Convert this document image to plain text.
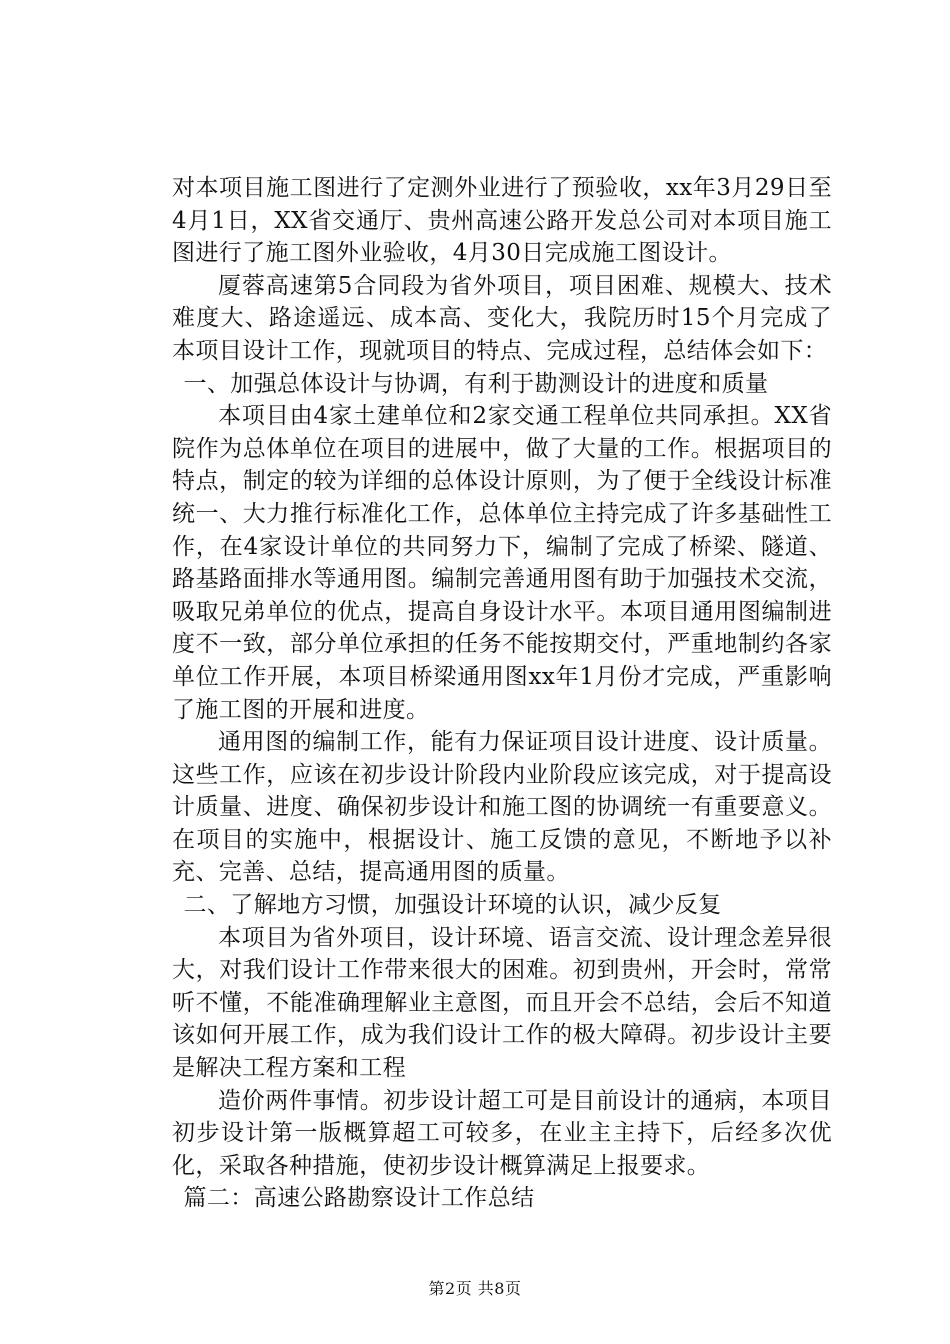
对本项目施工图进行了定测外业进行了预验收，xx年3月29日至4月1日，XX省交通厅、贵州高速公路开发总公司对本项目施工图进行了施工图外业验收，4月30日完成施工图设计。

厦蓉高速第5合同段为省外项目，项目困难、规模大、技术难度大、路途遥远、成本高、变化大，我院历时15个月完成了本项目设计工作，现就项目的特点、完成过程，总结体会如下：

一、加强总体设计与协调，有利于勘测设计的进度和质量

本项目由4家土建单位和2家交通工程单位共同承担。XX省院作为总体单位在项目的进展中，做了大量的工作。根据项目的特点，制定的较为详细的总体设计原则，为了便于全线设计标准统一、大力推行标准化工作，总体单位主持完成了许多基础性工作，在4家设计单位的共同努力下，编制了完成了桥梁、隧道、路基路面排水等通用图。编制完善通用图有助于加强技术交流，吸取兄弟单位的优点，提高自身设计水平。本项目通用图编制进度不一致，部分单位承担的任务不能按期交付，严重地制约各家单位工作开展，本项目桥梁通用图xx年1月份才完成，严重影响了施工图的开展和进度。

通用图的编制工作，能有力保证项目设计进度、设计质量。这些工作，应该在初步设计阶段内业阶段应该完成，对于提高设计质量、进度、确保初步设计和施工图的协调统一有重要意义。在项目的实施中，根据设计、施工反馈的意见，不断地予以补充、完善、总结，提高通用图的质量。

二、了解地方习惯，加强设计环境的认识，减少反复

本项目为省外项目，设计环境、语言交流、设计理念差异很大，对我们设计工作带来很大的困难。初到贵州，开会时，常常听不懂，不能准确理解业主意图，而且开会不总结，会后不知道该如何开展工作，成为我们设计工作的极大障碍。初步设计主要是解决工程方案和工程

造价两件事情。初步设计超工可是目前设计的通病，本项目初步设计第一版概算超工可较多，在业主主持下，后经多次优化，采取各种措施，使初步设计概算满足上报要求。

篇二：高速公路勘察设计工作总结

第2页 共8页
